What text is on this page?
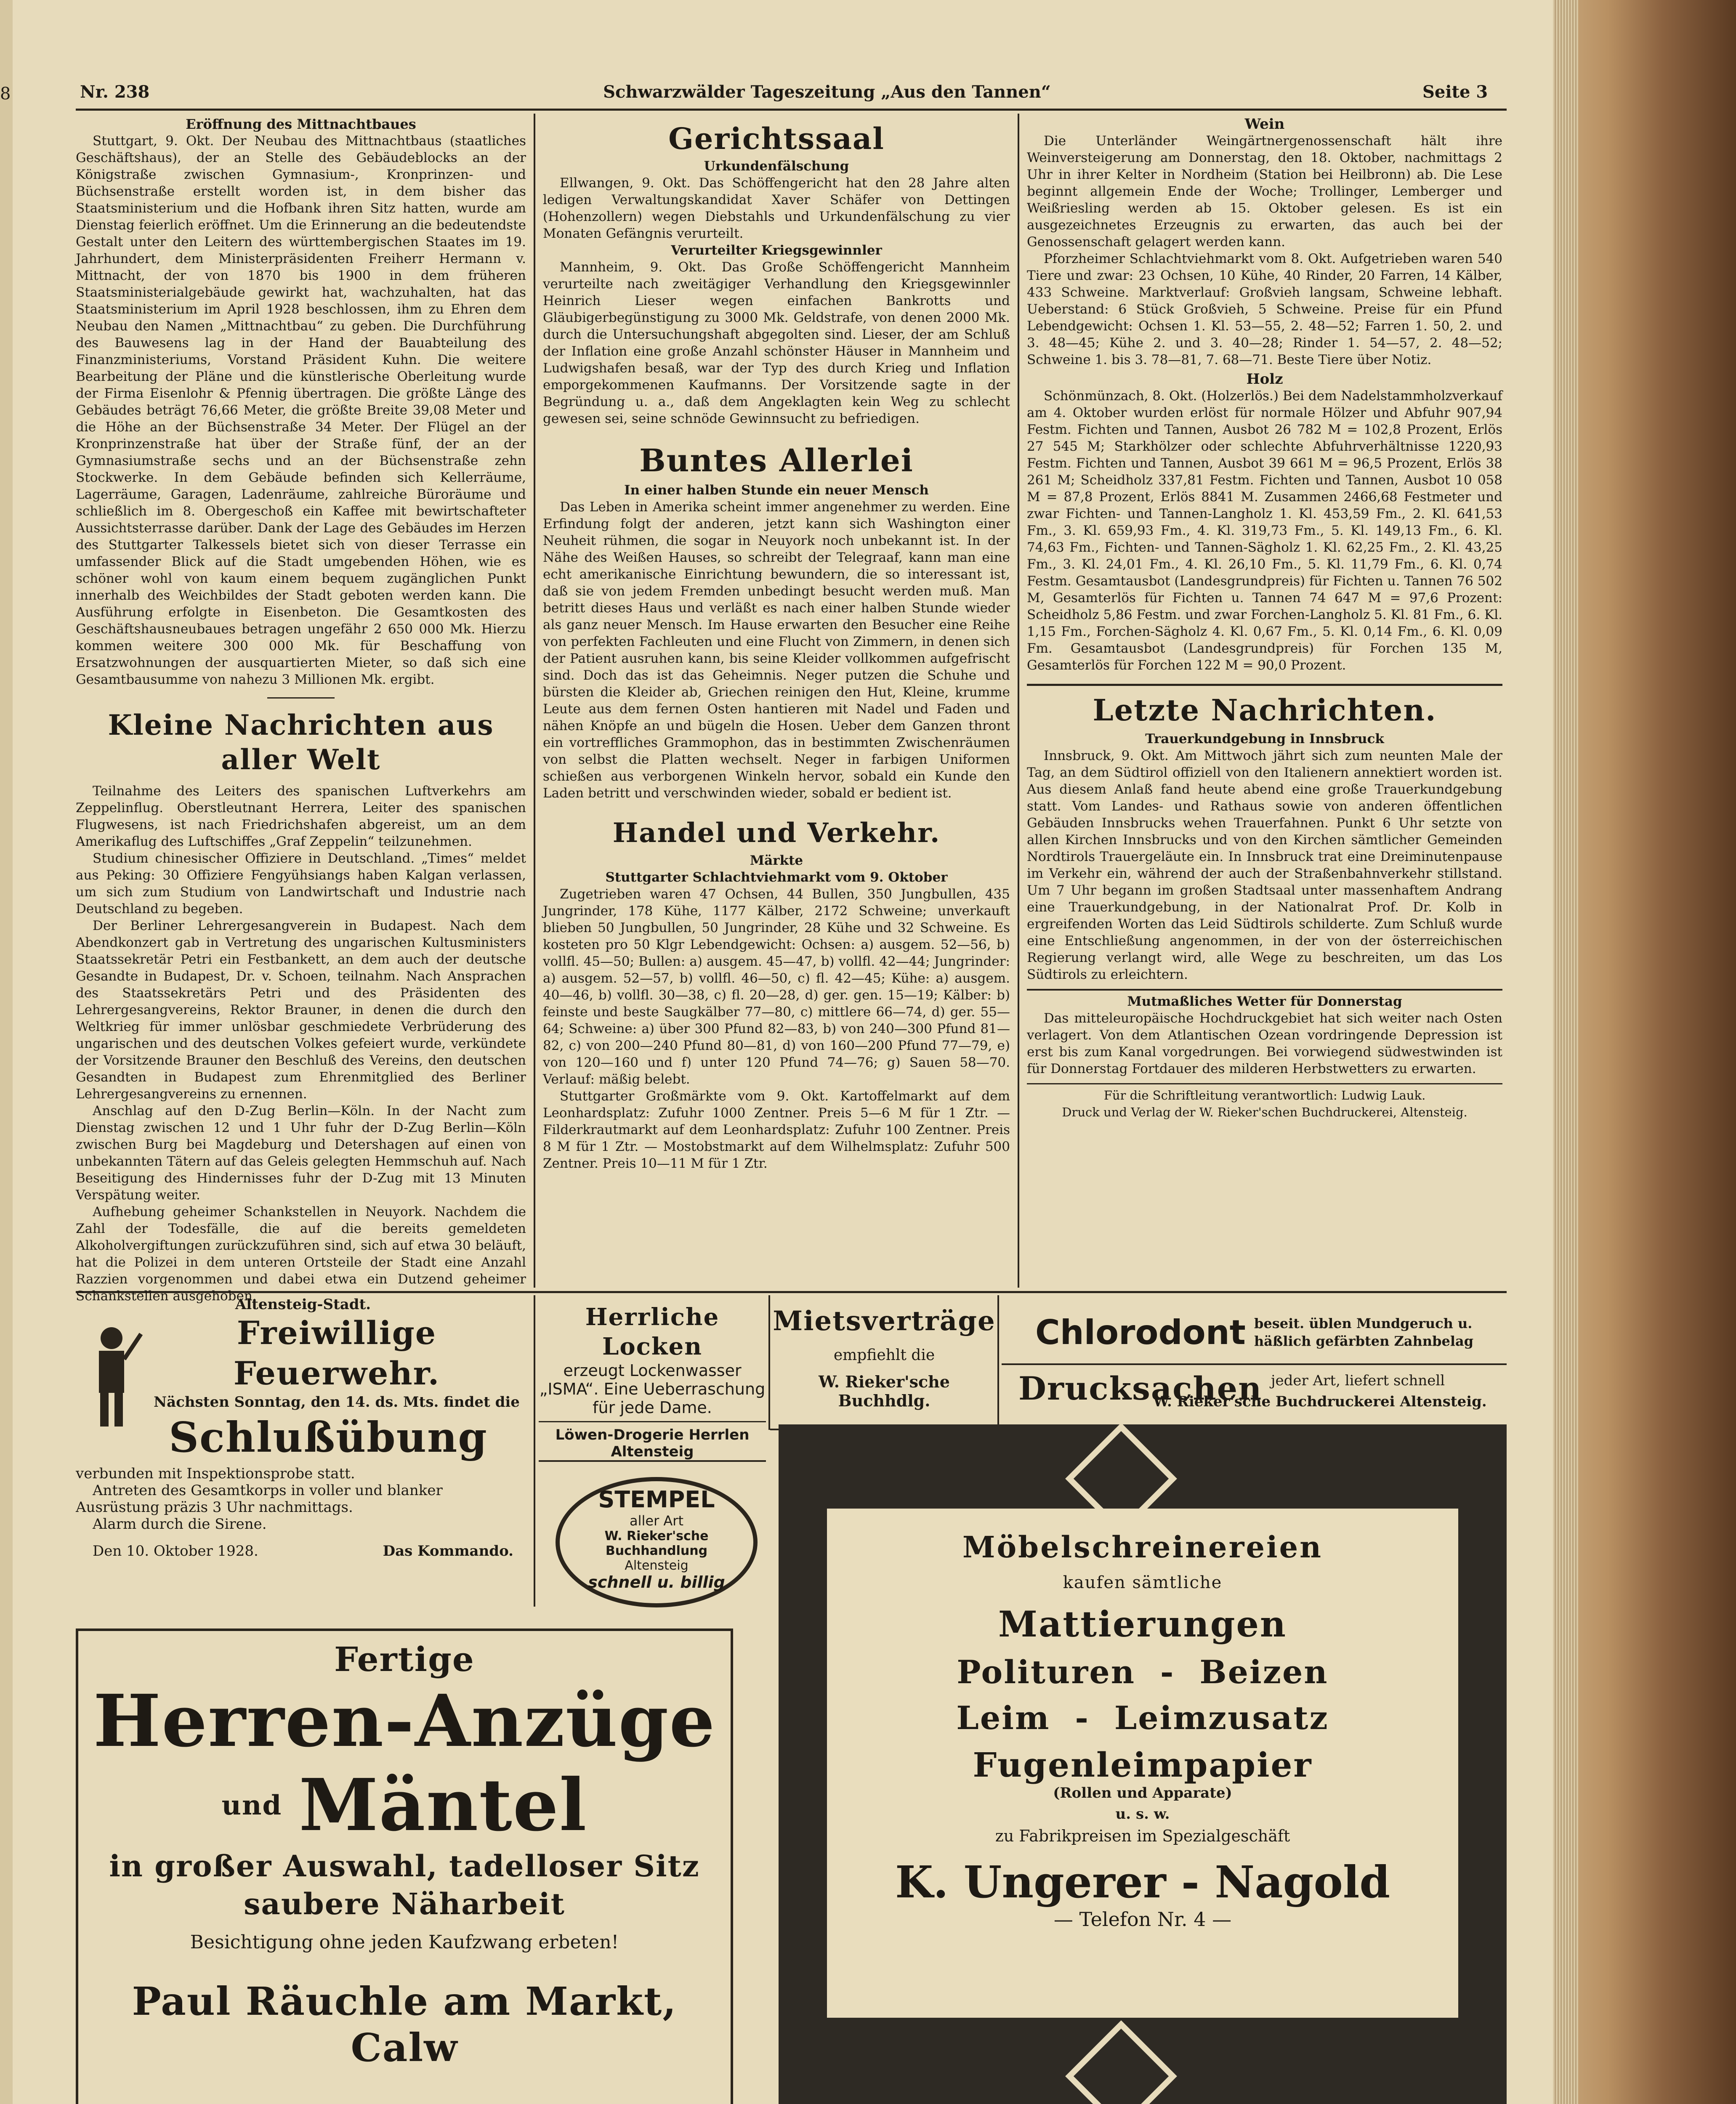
8	Nr. 238	Schwarzwälder Tageszeitung „Aus den Tannen“	Seite 3
Eröffnung des Mittnachtbaues

Stuttgart, 9. Okt. Der Neubau des Mittnachtbaus (staatliches Geschäftshaus), der an Stelle des Gebäudeblocks an der Königstraße zwischen Gymnasium-, Kronprinzen- und Büchsenstraße erstellt worden ist, in dem bisher das Staatsministerium und die Hofbank ihren Sitz hatten, wurde am Dienstag feierlich eröffnet. Um die Erinnerung an die bedeutendste Gestalt unter den Leitern des württembergischen Staates im 19. Jahrhundert, dem Ministerpräsidenten Freiherr Hermann v. Mittnacht, der von 1870 bis 1900 in dem früheren Staatsministerialgebäude gewirkt hat, wachzuhalten, hat das Staatsministerium im April 1928 beschlossen, ihm zu Ehren dem Neubau den Namen „Mittnachtbau“ zu geben. Die Durchführung des Bauwesens lag in der Hand der Bauabteilung des Finanzministeriums, Vorstand Präsident Kuhn. Die weitere Bearbeitung der Pläne und die künstlerische Oberleitung wurde der Firma Eisenlohr & Pfennig übertragen. Die größte Länge des Gebäudes beträgt 76,66 Meter, die größte Breite 39,08 Meter und die Höhe an der Büchsenstraße 34 Meter. Der Flügel an der Kronprinzenstraße hat über der Straße fünf, der an der Gymnasiumstraße sechs und an der Büchsenstraße zehn Stockwerke. In dem Gebäude befinden sich Kellerräume, Lagerräume, Garagen, Ladenräume, zahlreiche Büroräume und schließlich im 8. Obergeschoß ein Kaffee mit bewirtschafteter Aussichtsterrasse darüber. Dank der Lage des Gebäudes im Herzen des Stuttgarter Talkessels bietet sich von dieser Terrasse ein umfassender Blick auf die Stadt umgebenden Höhen, wie es schöner wohl von kaum einem bequem zugänglichen Punkt innerhalb des Weichbildes der Stadt geboten werden kann. Die Ausführung erfolgte in Eisenbeton. Die Gesamtkosten des Geschäftshausneubaues betragen ungefähr 2 650 000 Mk. Hierzu kommen weitere 300 000 Mk. für Beschaffung von Ersatzwohnungen der ausquartierten Mieter, so daß sich eine Gesamtbausumme von nahezu 3 Millionen Mk. ergibt.

Kleine Nachrichten aus aller Welt

Teilnahme des Leiters des spanischen Luftverkehrs am Zeppelinflug. Oberstleutnant Herrera, Leiter des spanischen Flugwesens, ist nach Friedrichshafen abgereist, um an dem Amerikaflug des Luftschiffes „Graf Zeppelin“ teilzunehmen.

Studium chinesischer Offiziere in Deutschland. „Times“ meldet aus Peking: 30 Offiziere Fengyühsiangs haben Kalgan verlassen, um sich zum Studium von Landwirtschaft und Industrie nach Deutschland zu begeben.

Der Berliner Lehrergesangverein in Budapest. Nach dem Abendkonzert gab in Vertretung des ungarischen Kultusministers Staatssekretär Petri ein Festbankett, an dem auch der deutsche Gesandte in Budapest, Dr. v. Schoen, teilnahm. Nach Ansprachen des Staatssekretärs Petri und des Präsidenten des Lehrergesangvereins, Rektor Brauner, in denen die durch den Weltkrieg für immer unlösbar geschmiedete Verbrüderung des ungarischen und des deutschen Volkes gefeiert wurde, verkündete der Vorsitzende Brauner den Beschluß des Vereins, den deutschen Gesandten in Budapest zum Ehrenmitglied des Berliner Lehrergesangvereins zu ernennen.

Anschlag auf den D-Zug Berlin—Köln. In der Nacht zum Dienstag zwischen 12 und 1 Uhr fuhr der D-Zug Berlin—Köln zwischen Burg bei Magdeburg und Detershagen auf einen von unbekannten Tätern auf das Geleis gelegten Hemmschuh auf. Nach Beseitigung des Hindernisses fuhr der D-Zug mit 13 Minuten Verspätung weiter.

Aufhebung geheimer Schankstellen in Neuyork. Nachdem die Zahl der Todesfälle, die auf die bereits gemeldeten Alkoholvergiftungen zurückzuführen sind, sich auf etwa 30 beläuft, hat die Polizei in dem unteren Ortsteile der Stadt eine Anzahl Razzien vorgenommen und dabei etwa ein Dutzend geheimer Schankstellen ausgehoben.

Gerichtssaal
Urkundenfälschung

Ellwangen, 9. Okt. Das Schöffengericht hat den 28 Jahre alten ledigen Verwaltungskandidat Xaver Schäfer von Dettingen (Hohenzollern) wegen Diebstahls und Urkundenfälschung zu vier Monaten Gefängnis verurteilt.

Verurteilter Kriegsgewinnler

Mannheim, 9. Okt. Das Große Schöffengericht Mannheim verurteilte nach zweitägiger Verhandlung den Kriegsgewinnler Heinrich Lieser wegen einfachen Bankrotts und Gläubigerbegünstigung zu 3000 Mk. Geldstrafe, von denen 2000 Mk. durch die Untersuchungshaft abgegolten sind. Lieser, der am Schluß der Inflation eine große Anzahl schönster Häuser in Mannheim und Ludwigshafen besaß, war der Typ des durch Krieg und Inflation emporgekommenen Kaufmanns. Der Vorsitzende sagte in der Begründung u. a., daß dem Angeklagten kein Weg zu schlecht gewesen sei, seine schnöde Gewinnsucht zu befriedigen.

Buntes Allerlei
In einer halben Stunde ein neuer Mensch

Das Leben in Amerika scheint immer angenehmer zu werden. Eine Erfindung folgt der anderen, jetzt kann sich Washington einer Neuheit rühmen, die sogar in Neuyork noch unbekannt ist. In der Nähe des Weißen Hauses, so schreibt der Telegraaf, kann man eine echt amerikanische Einrichtung bewundern, die so interessant ist, daß sie von jedem Fremden unbedingt besucht werden muß. Man betritt dieses Haus und verläßt es nach einer halben Stunde wieder als ganz neuer Mensch. Im Hause erwarten den Besucher eine Reihe von perfekten Fachleuten und eine Flucht von Zimmern, in denen sich der Patient ausruhen kann, bis seine Kleider vollkommen aufgefrischt sind. Doch das ist das Geheimnis. Neger putzen die Schuhe und bürsten die Kleider ab, Griechen reinigen den Hut, Kleine, krumme Leute aus dem fernen Osten hantieren mit Nadel und Faden und nähen Knöpfe an und bügeln die Hosen. Ueber dem Ganzen thront ein vortreffliches Grammophon, das in bestimmten Zwischenräumen von selbst die Platten wechselt. Neger in farbigen Uniformen schießen aus verborgenen Winkeln hervor, sobald ein Kunde den Laden betritt und verschwinden wieder, sobald er bedient ist.

Handel und Verkehr.
Märkte
Stuttgarter Schlachtviehmarkt vom 9. Oktober

Zugetrieben waren 47 Ochsen, 44 Bullen, 350 Jungbullen, 435 Jungrinder, 178 Kühe, 1177 Kälber, 2172 Schweine; unverkauft blieben 50 Jungbullen, 50 Jungrinder, 28 Kühe und 32 Schweine. Es kosteten pro 50 Klgr Lebendgewicht: Ochsen: a) ausgem. 52—56, b) vollfl. 45—50; Bullen: a) ausgem. 45—47, b) vollfl. 42—44; Jungrinder: a) ausgem. 52—57, b) vollfl. 46—50, c) fl. 42—45; Kühe: a) ausgem. 40—46, b) vollfl. 30—38, c) fl. 20—28, d) ger. gen. 15—19; Kälber: b) feinste und beste Saugkälber 77—80, c) mittlere 66—74, d) ger. 55—64; Schweine: a) über 300 Pfund 82—83, b) von 240—300 Pfund 81—82, c) von 200—240 Pfund 80—81, d) von 160—200 Pfund 77—79, e) von 120—160 und f) unter 120 Pfund 74—76; g) Sauen 58—70. Verlauf: mäßig belebt.

Stuttgarter Großmärkte vom 9. Okt. Kartoffelmarkt auf dem Leonhardsplatz: Zufuhr 1000 Zentner. Preis 5—6 M für 1 Ztr. — Filderkrautmarkt auf dem Leonhardsplatz: Zufuhr 100 Zentner. Preis 8 M für 1 Ztr. — Mostobstmarkt auf dem Wilhelmsplatz: Zufuhr 500 Zentner. Preis 10—11 M für 1 Ztr.

Wein

Die Unterländer Weingärtnergenossenschaft hält ihre Weinversteigerung am Donnerstag, den 18. Oktober, nachmittags 2 Uhr in ihrer Kelter in Nordheim (Station bei Heilbronn) ab. Die Lese beginnt allgemein Ende der Woche; Trollinger, Lemberger und Weißriesling werden ab 15. Oktober gelesen. Es ist ein ausgezeichnetes Erzeugnis zu erwarten, das auch bei der Genossenschaft gelagert werden kann.

Pforzheimer Schlachtviehmarkt vom 8. Okt. Aufgetrieben waren 540 Tiere und zwar: 23 Ochsen, 10 Kühe, 40 Rinder, 20 Farren, 14 Kälber, 433 Schweine. Marktverlauf: Großvieh langsam, Schweine lebhaft. Ueberstand: 6 Stück Großvieh, 5 Schweine. Preise für ein Pfund Lebendgewicht: Ochsen 1. Kl. 53—55, 2. 48—52; Farren 1. 50, 2. und 3. 48—45; Kühe 2. und 3. 40—28; Rinder 1. 54—57, 2. 48—52; Schweine 1. bis 3. 78—81, 7. 68—71. Beste Tiere über Notiz.

Holz

Schönmünzach, 8. Okt. (Holzerlös.) Bei dem Nadelstammholzverkauf am 4. Oktober wurden erlöst für normale Hölzer und Abfuhr 907,94 Festm. Fichten und Tannen, Ausbot 26 782 M = 102,8 Prozent, Erlös 27 545 M; Starkhölzer oder schlechte Abfuhrverhältnisse 1220,93 Festm. Fichten und Tannen, Ausbot 39 661 M = 96,5 Prozent, Erlös 38 261 M; Scheidholz 337,81 Festm. Fichten und Tannen, Ausbot 10 058 M = 87,8 Prozent, Erlös 8841 M. Zusammen 2466,68 Festmeter und zwar Fichten- und Tannen-Langholz 1. Kl. 453,59 Fm., 2. Kl. 641,53 Fm., 3. Kl. 659,93 Fm., 4. Kl. 319,73 Fm., 5. Kl. 149,13 Fm., 6. Kl. 74,63 Fm., Fichten- und Tannen-Sägholz 1. Kl. 62,25 Fm., 2. Kl. 43,25 Fm., 3. Kl. 24,01 Fm., 4. Kl. 26,10 Fm., 5. Kl. 11,79 Fm., 6. Kl. 0,74 Festm. Gesamtausbot (Landesgrundpreis) für Fichten u. Tannen 76 502 M, Gesamterlös für Fichten u. Tannen 74 647 M = 97,6 Prozent: Scheidholz 5,86 Festm. und zwar Forchen-Langholz 5. Kl. 81 Fm., 6. Kl. 1,15 Fm., Forchen-Sägholz 4. Kl. 0,67 Fm., 5. Kl. 0,14 Fm., 6. Kl. 0,09 Fm. Gesamtausbot (Landesgrundpreis) für Forchen 135 M, Gesamterlös für Forchen 122 M = 90,0 Prozent.

Letzte Nachrichten.
Trauerkundgebung in Innsbruck

Innsbruck, 9. Okt. Am Mittwoch jährt sich zum neunten Male der Tag, an dem Südtirol offiziell von den Italienern annektiert worden ist. Aus diesem Anlaß fand heute abend eine große Trauerkundgebung statt. Vom Landes- und Rathaus sowie von anderen öffentlichen Gebäuden Innsbrucks wehen Trauerfahnen. Punkt 6 Uhr setzte von allen Kirchen Innsbrucks und von den Kirchen sämtlicher Gemeinden Nordtirols Trauergeläute ein. In Innsbruck trat eine Dreiminutenpause im Verkehr ein, während der auch der Straßenbahnverkehr stillstand. Um 7 Uhr begann im großen Stadtsaal unter massenhaftem Andrang eine Trauerkundgebung, in der Nationalrat Prof. Dr. Kolb in ergreifenden Worten das Leid Südtirols schilderte. Zum Schluß wurde eine Entschließung angenommen, in der von der österreichischen Regierung verlangt wird, alle Wege zu beschreiten, um das Los Südtirols zu erleichtern.

Mutmaßliches Wetter für Donnerstag

Das mitteleuropäische Hochdruckgebiet hat sich weiter nach Osten verlagert. Von dem Atlantischen Ozean vordringende Depression ist erst bis zum Kanal vorgedrungen. Bei vorwiegend südwestwinden ist für Donnerstag Fortdauer des milderen Herbstwetters zu erwarten.

Für die Schriftleitung verantwortlich: Ludwig Lauk.
Druck und Verlag der W. Rieker'schen Buchdruckerei, Altensteig.
Altensteig-Stadt.
Freiwillige Feuerwehr.
Nächsten Sonntag, den 14. ds. Mts. findet die
Schlußübung
verbunden mit Inspektionsprobe statt.
Antreten des Gesamtkorps in voller und blanker Ausrüstung präzis 3 Uhr nachmittags.
Alarm durch die Sirene.
Den 10. Oktober 1928.	Das Kommando.
Herrliche Locken
erzeugt Lockenwasser
„ISMA“. Eine Ueberraschung für jede Dame.
Löwen-Drogerie Herrlen
Altensteig
STEMPEL
aller Art
W. Rieker'sche Buchhandlung
Altensteig
schnell u. billig
Mietsverträge
empfiehlt die
W. Rieker'sche Buchhdlg.
Chlorodont beseit. üblen Mundgeruch u.
häßlich gefärbten Zahnbelag
Drucksachen jeder Art, liefert schnell
W. Rieker'sche Buchdruckerei Altensteig.
Fertige
Herren-Anzüge
und Mäntel
in großer Auswahl, tadelloser Sitz
saubere Näharbeit
Besichtigung ohne jeden Kaufzwang erbeten!
Paul Räuchle am Markt, Calw
Möbelschreinereien
kaufen sämtliche
Mattierungen
Polituren  -  Beizen
Leim  -  Leimzusatz
Fugenleimpapier
(Rollen und Apparate)
u. s. w.
zu Fabrikpreisen im Spezialgeschäft
K. Ungerer - Nagold
— Telefon Nr. 4 —
